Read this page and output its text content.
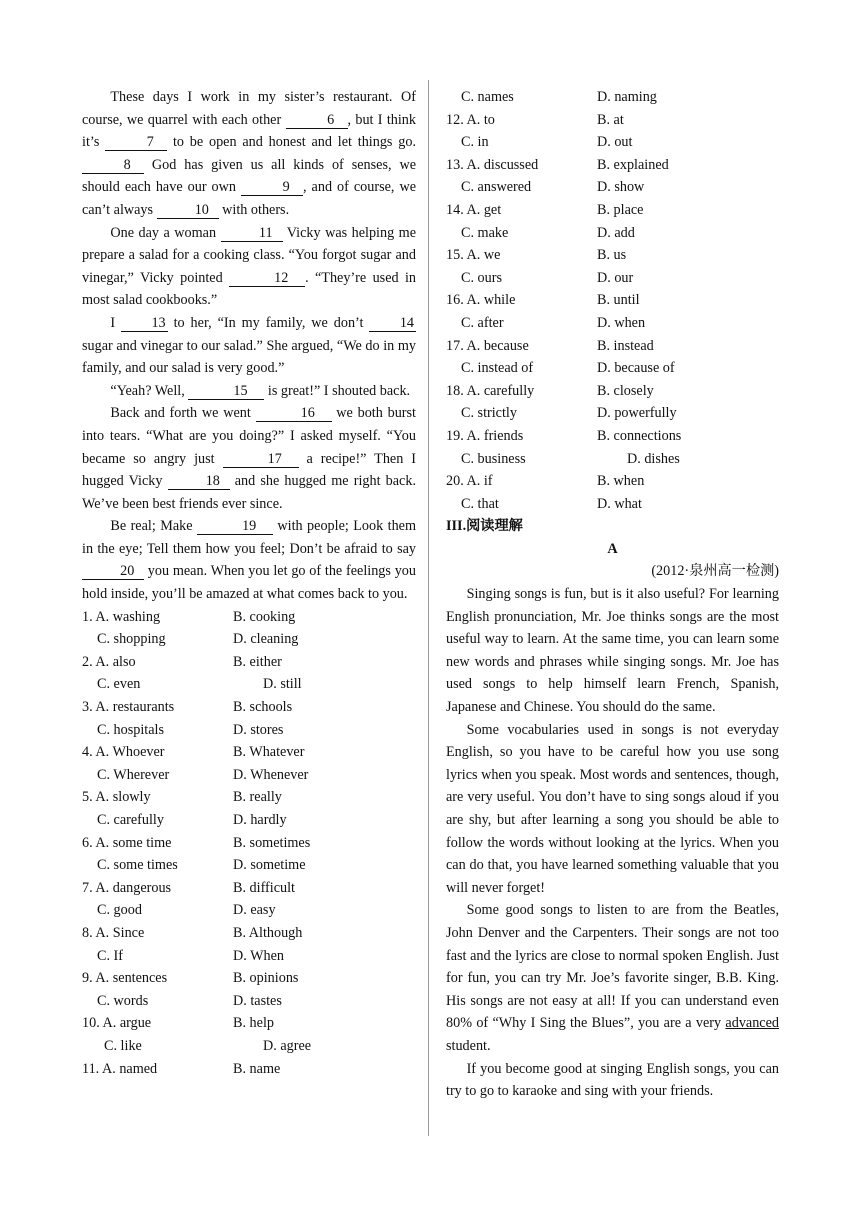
These days I work in my sister’s restaurant. Of course, we quarrel with each other	6 , but I think it’s	7 to be open and honest and let things go. 8 God has given us all kinds of senses, we should each have our own	9 , and of course, we can’t always	10 with others.

One day a woman	11 Vicky was helping me prepare a salad for a cooking class. “You forgot sugar and vinegar,” Vicky pointed	12 . “They’re used in most salad cookbooks.”

I 13 to her, “In my family, we don’t 14 sugar and vinegar to our salad.” She argued, “We do in my family, and our salad is very good.”

“Yeah? Well,	15 is great!” I shouted back.

Back and forth we went	16 we both burst into tears. “What are you doing?” I asked myself. “You became so angry just	17 a recipe!” Then I hugged Vicky	18 and she hugged me right back. We’ve been best friends ever since.

Be real; Make	19 with people; Look them in the eye; Tell them how you feel; Don’t be afraid to say 20 you mean. When you let go of the feelings you hold inside, you’ll be amazed at what comes back to you.

1. A. washing	B. cooking
C. shopping	D. cleaning
2. A. also	B. either
C. even	D. still
3. A. restaurants	B. schools
C. hospitals	D. stores
4. A. Whoever	B. Whatever
C. Wherever	D. Whenever
5. A. slowly	B. really
C. carefully	D. hardly
6. A. some time	B. sometimes
C. some times	D. sometime
7. A. dangerous	B. difficult
C. good	D. easy
8. A. Since	B. Although
C. If	D. When
9. A. sentences	B. opinions
C. words	D. tastes
10. A. argue	B. help
C. like	D. agree
11. A. named	B. name
C. names	D. naming
12. A. to	B. at
C. in	D. out
13. A. discussed	B. explained
C. answered	D. show
14. A. get	B. place
C. make	D. add
15. A. we	B. us
C. ours	D. our
16. A. while	B. until
C. after	D. when
17. A. because	B. instead
C. instead of	D. because of
18. A. carefully	B. closely
C. strictly	D. powerfully
19. A. friends	B. connections
C. business	D. dishes
20. A. if	B. when
C. that	D. what

III.阅读理解

A

(2012·泉州高一检测)

Singing songs is fun, but is it also useful? For learning English pronunciation, Mr. Joe thinks songs are the most useful way to learn. At the same time, you can learn some new words and phrases while singing songs. Mr. Joe has used songs to help himself learn French, Spanish, Japanese and Chinese. You should do the same.

Some vocabularies used in songs is not everyday English, so you have to be careful how you use song lyrics when you speak. Most words and sentences, though, are very useful. You don’t have to sing songs aloud if you are shy, but after learning a song you should be able to follow the words without looking at the lyrics. When you can do that, you have learned something valuable that you will never forget!

Some good songs to listen to are from the Beatles, John Denver and the Carpenters. Their songs are not too fast and the lyrics are close to normal spoken English. Just for fun, you can try Mr. Joe’s favorite singer, B.B. King. His songs are not easy at all! If you can understand even 80% of “Why I Sing the Blues”, you are a very advanced student.

If you become good at singing English songs, you can try to go to karaoke and sing with your friends.
